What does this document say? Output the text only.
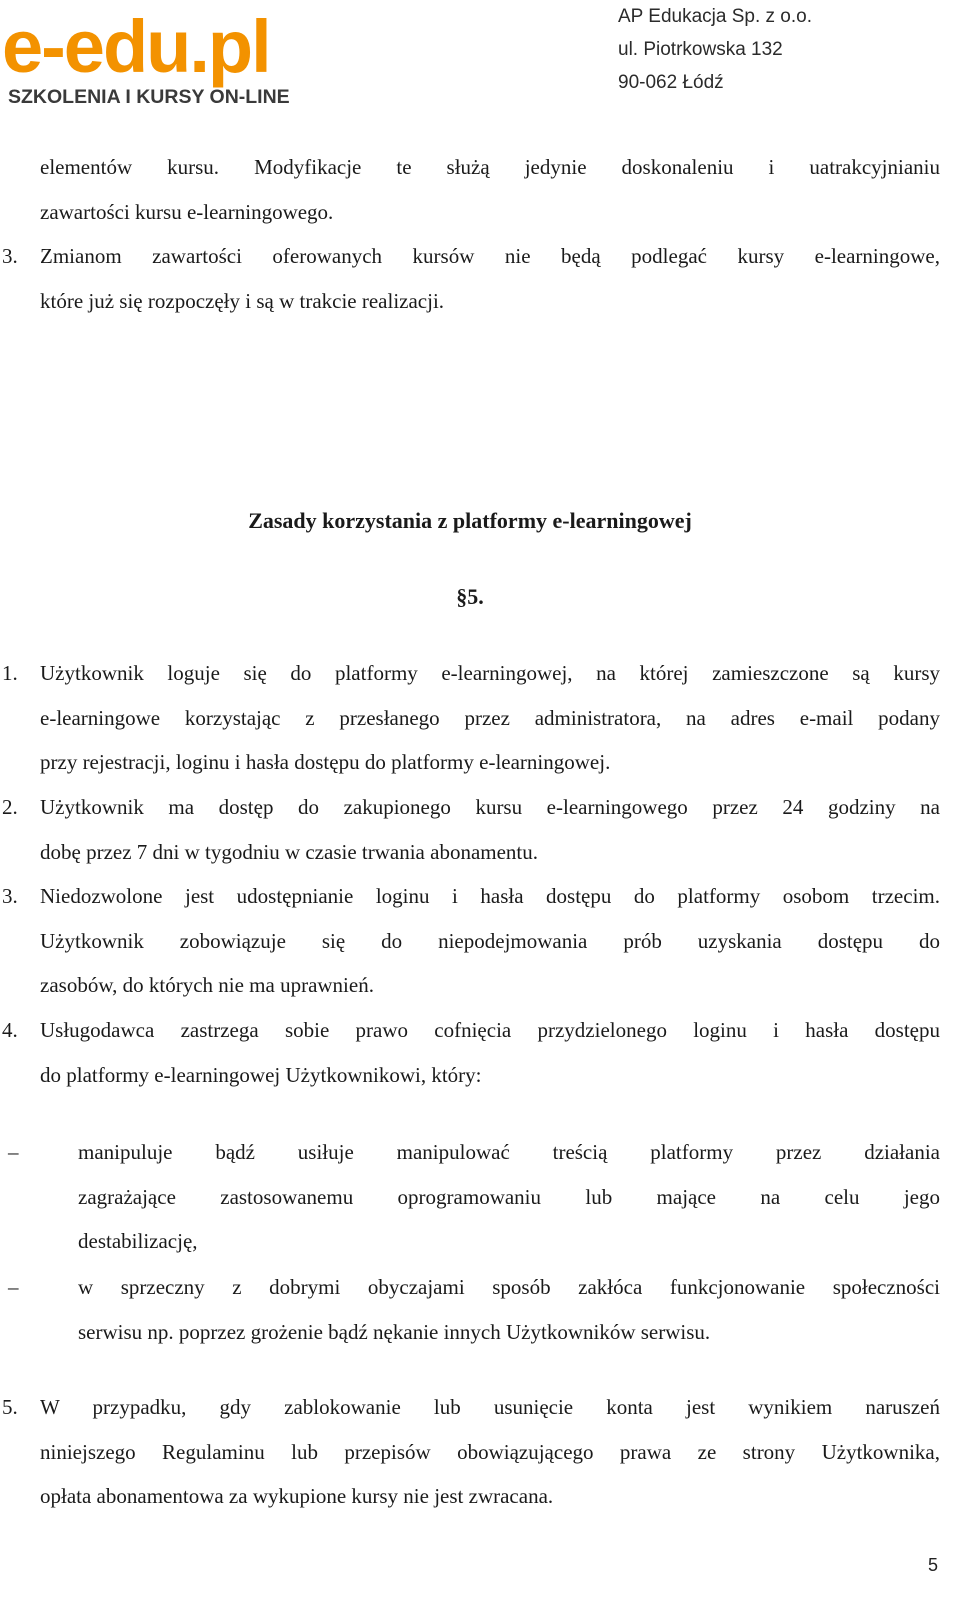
e-edu.pl
SZKOLENIA I KURSY ON-LINE
AP Edukacja Sp. z o.o.
ul. Piotrkowska 132
90-062 Łódź
elementów kursu. Modyfikacje te służą jedynie doskonaleniu i uatrakcyjnianiu
zawartości kursu e-learningowego.
3. Zmianom zawartości oferowanych kursów nie będą podlegać kursy e-learningowe,
które już się rozpoczęły i są w trakcie realizacji.
Zasady korzystania z platformy e-learningowej
§5.
1. Użytkownik loguje się do platformy e-learningowej, na której zamieszczone są kursy
e-learningowe korzystając z przesłanego przez administratora, na adres e-mail podany
przy rejestracji, loginu i hasła dostępu do platformy e-learningowej.
2. Użytkownik ma dostęp do zakupionego kursu e-learningowego przez 24 godziny na
dobę przez 7 dni w tygodniu w czasie trwania abonamentu.
3. Niedozwolone jest udostępnianie loginu i hasła dostępu do platformy osobom trzecim.
Użytkownik zobowiązuje się do niepodejmowania prób uzyskania dostępu do
zasobów, do których nie ma uprawnień.
4. Usługodawca zastrzega sobie prawo cofnięcia przydzielonego loginu i hasła dostępu
do platformy e-learningowej Użytkownikowi, który:
–	manipuluje bądź usiłuje manipulować treścią platformy przez działania
zagrażające zastosowanemu oprogramowaniu lub mające na celu jego
destabilizację,
–	w sprzeczny z dobrymi obyczajami sposób zakłóca funkcjonowanie społeczności
serwisu np. poprzez grożenie bądź nękanie innych Użytkowników serwisu.
5. W przypadku, gdy zablokowanie lub usunięcie konta jest wynikiem naruszeń
niniejszego Regulaminu lub przepisów obowiązującego prawa ze strony Użytkownika,
opłata abonamentowa za wykupione kursy nie jest zwracana.
5
